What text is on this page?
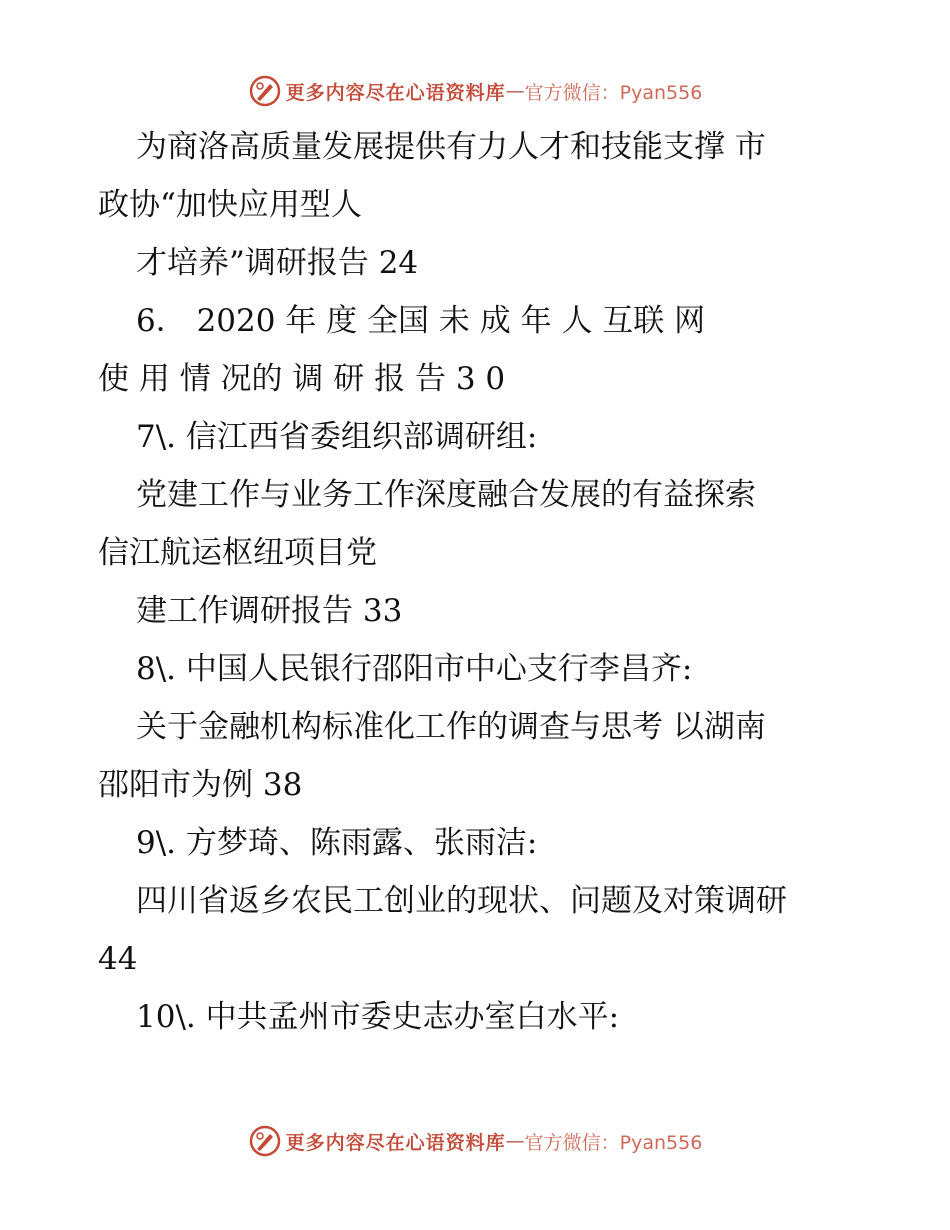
更多内容尽在心语资料库 — 官方微信：Pyan556
为商洛高质量发展提供有力人才和技能支撑 市
政协“加快应用型人
才培养”调研报告 24
6． 2020 年 度 全国 未 成 年 人 互联 网
使 用 情 况的 调 研 报 告 3 0
7\. 信江西省委组织部调研组:
党建工作与业务工作深度融合发展的有益探索
信江航运枢纽项目党
建工作调研报告 33
8\. 中国人民银行邵阳市中心支行李昌齐:
关于金融机构标准化工作的调查与思考 以湖南
邵阳市为例 38
9\. 方梦琦、陈雨露、张雨洁:
四川省返乡农民工创业的现状、问题及对策调研
44
10\. 中共孟州市委史志办室白水平:
更多内容尽在心语资料库 — 官方微信：Pyan556
